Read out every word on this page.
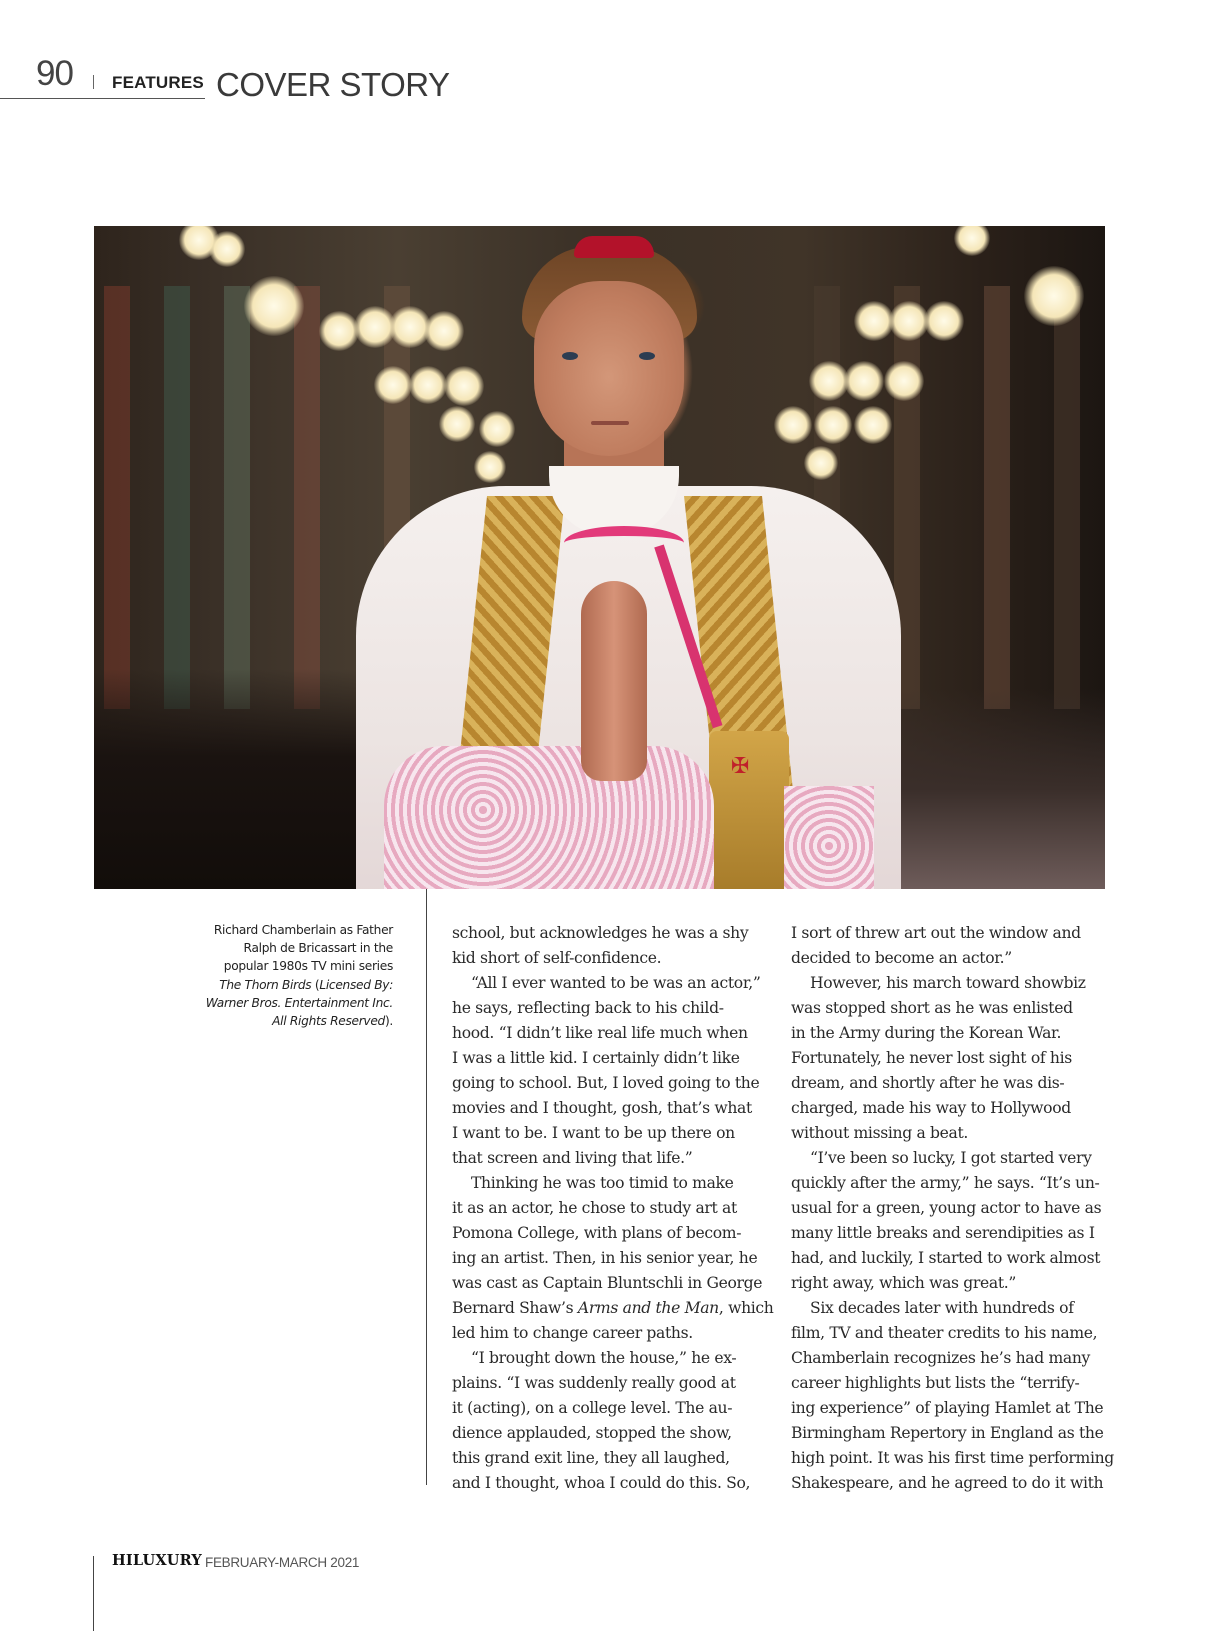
90 FEATURES COVER STORY
✠
Richard Chamberlain as Father
Ralph de Bricassart in the
popular 1980s TV mini series
The Thorn Birds (Licensed By:
Warner Bros. Entertainment Inc.
All Rights Reserved).
school, but acknowledges he was a shy
kid short of self-confidence.
“All I ever wanted to be was an actor,”
he says, reflecting back to his child-
hood. “I didn’t like real life much when
I was a little kid. I certainly didn’t like
going to school. But, I loved going to the
movies and I thought, gosh, that’s what
I want to be. I want to be up there on
that screen and living that life.”
Thinking he was too timid to make
it as an actor, he chose to study art at
Pomona College, with plans of becom-
ing an artist. Then, in his senior year, he
was cast as Captain Bluntschli in George
Bernard Shaw’s Arms and the Man, which
led him to change career paths.
“I brought down the house,” he ex-
plains. “I was suddenly really good at
it (acting), on a college level. The au-
dience applauded, stopped the show,
this grand exit line, they all laughed,
and I thought, whoa I could do this. So,
I sort of threw art out the window and
decided to become an actor.”
However, his march toward showbiz
was stopped short as he was enlisted
in the Army during the Korean War.
Fortunately, he never lost sight of his
dream, and shortly after he was dis-
charged, made his way to Hollywood
without missing a beat.
“I’ve been so lucky, I got started very
quickly after the army,” he says. “It’s un-
usual for a green, young actor to have as
many little breaks and serendipities as I
had, and luckily, I started to work almost
right away, which was great.”
Six decades later with hundreds of
film, TV and theater credits to his name,
Chamberlain recognizes he’s had many
career highlights but lists the “terrify-
ing experience” of playing Hamlet at The
Birmingham Repertory in England as the
high point. It was his first time performing
Shakespeare, and he agreed to do it with
HILUXURY FEBRUARY-MARCH 2021
